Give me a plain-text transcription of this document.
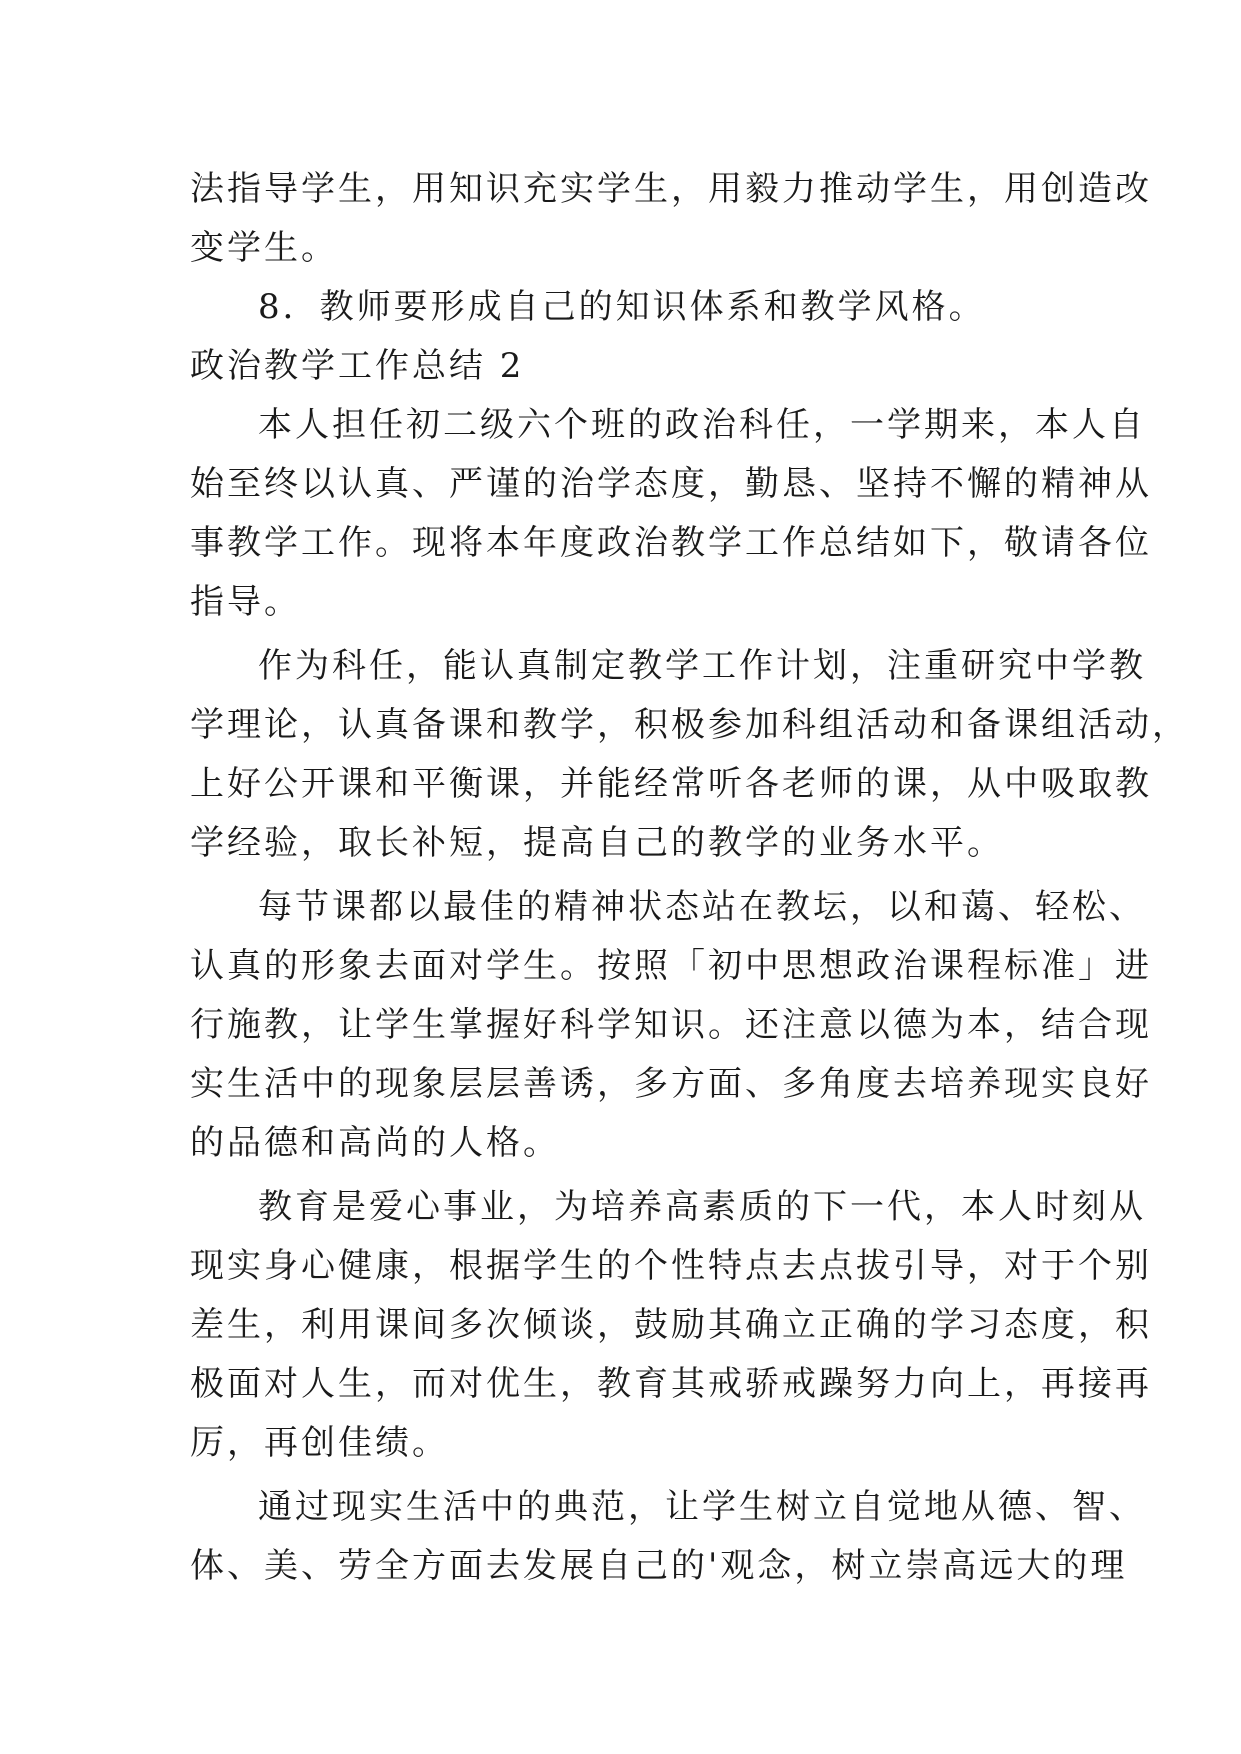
法指导学生，用知识充实学生，用毅力推动学生，用创造改
变学生。
8．教师要形成自己的知识体系和教学风格。
政治教学工作总结 2
本人担任初二级六个班的政治科任，一学期来，本人自
始至终以认真、严谨的治学态度，勤恳、坚持不懈的精神从
事教学工作。现将本年度政治教学工作总结如下，敬请各位
指导。
作为科任，能认真制定教学工作计划，注重研究中学教
学理论，认真备课和教学，积极参加科组活动和备课组活动，
上好公开课和平衡课，并能经常听各老师的课，从中吸取教
学经验，取长补短，提高自己的教学的业务水平。
每节课都以最佳的精神状态站在教坛，以和蔼、轻松、
认真的形象去面对学生。按照「初中思想政治课程标准」进
行施教，让学生掌握好科学知识。还注意以德为本，结合现
实生活中的现象层层善诱，多方面、多角度去培养现实良好
的品德和高尚的人格。
教育是爱心事业，为培养高素质的下一代，本人时刻从
现实身心健康，根据学生的个性特点去点拔引导，对于个别
差生，利用课间多次倾谈，鼓励其确立正确的学习态度，积
极面对人生，而对优生，教育其戒骄戒躁努力向上，再接再
厉，再创佳绩。
通过现实生活中的典范，让学生树立自觉地从德、智、
体、美、劳全方面去发展自己的'观念，树立崇高远大的理
